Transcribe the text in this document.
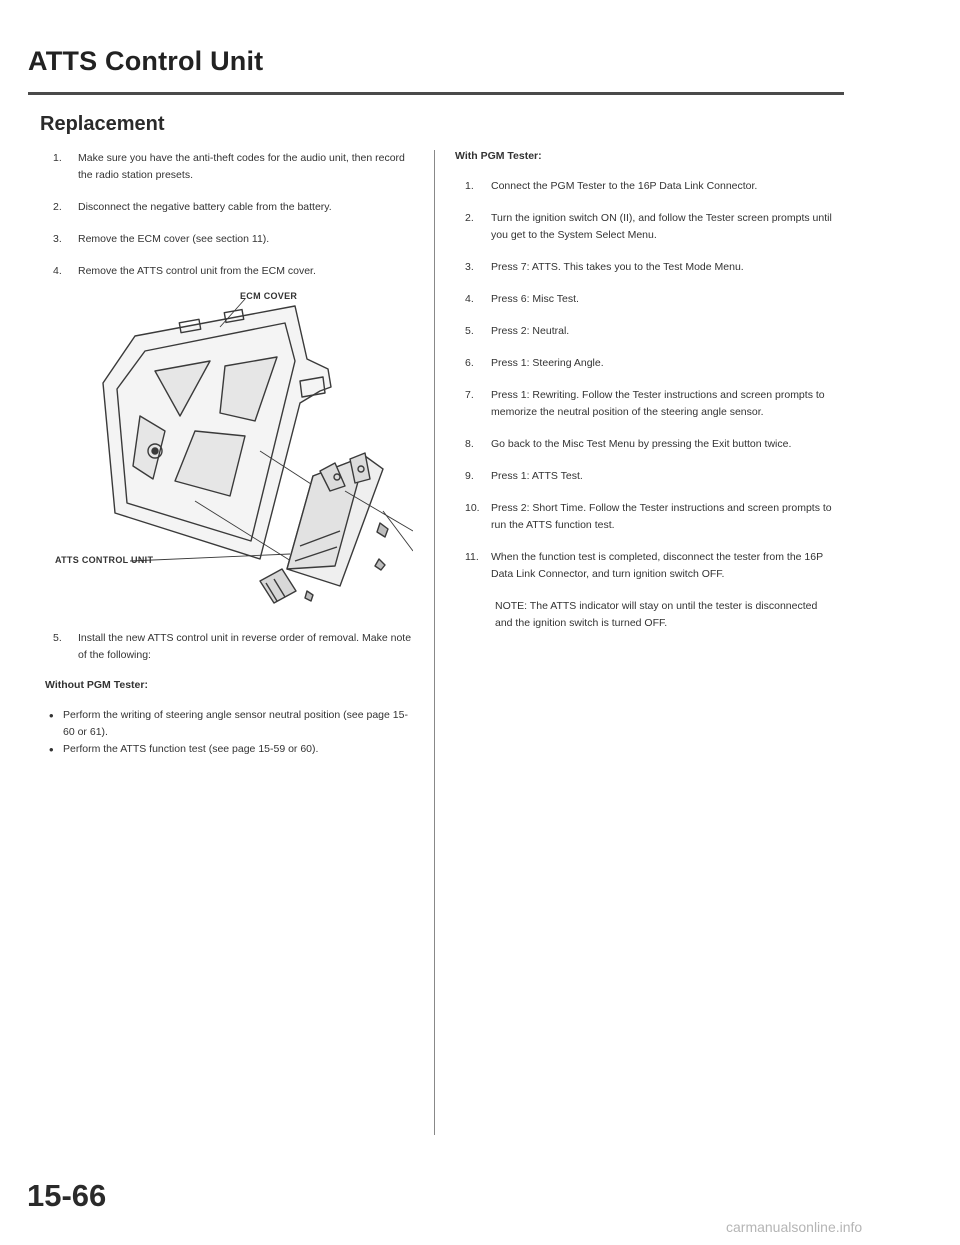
ATTS Control Unit
Replacement
1.	Make sure you have the anti-theft codes for the audio unit, then record the radio station presets.
2.	Disconnect the negative battery cable from the battery.
3.	Remove the ECM cover (see section 11).
4.	Remove the ATTS control unit from the ECM cover.
ECM COVER
ATTS CONTROL UNIT
5.	Install the new ATTS control unit in reverse order of removal. Make note of the following:
Without PGM Tester:
• Perform the writing of steering angle sensor neutral position (see page 15-60 or 61).
• Perform the ATTS function test (see page 15-59 or 60).
With PGM Tester:
1.	Connect the PGM Tester to the 16P Data Link Connector.
2.	Turn the ignition switch ON (II), and follow the Tester screen prompts until you get to the System Select Menu.
3.	Press 7: ATTS. This takes you to the Test Mode Menu.
4.	Press 6: Misc Test.
5.	Press 2: Neutral.
6.	Press 1: Steering Angle.
7.	Press 1: Rewriting. Follow the Tester instructions and screen prompts to memorize the neutral position of the steering angle sensor.
8.	Go back to the Misc Test Menu by pressing the Exit button twice.
9.	Press 1: ATTS Test.
10.	Press 2: Short Time. Follow the Tester instructions and screen prompts to run the ATTS function test.
11.	When the function test is completed, disconnect the tester from the 16P Data Link Connector, and turn ignition switch OFF.
NOTE: The ATTS indicator will stay on until the tester is disconnected and the ignition switch is turned OFF.
15-66
carmanualsonline.info
